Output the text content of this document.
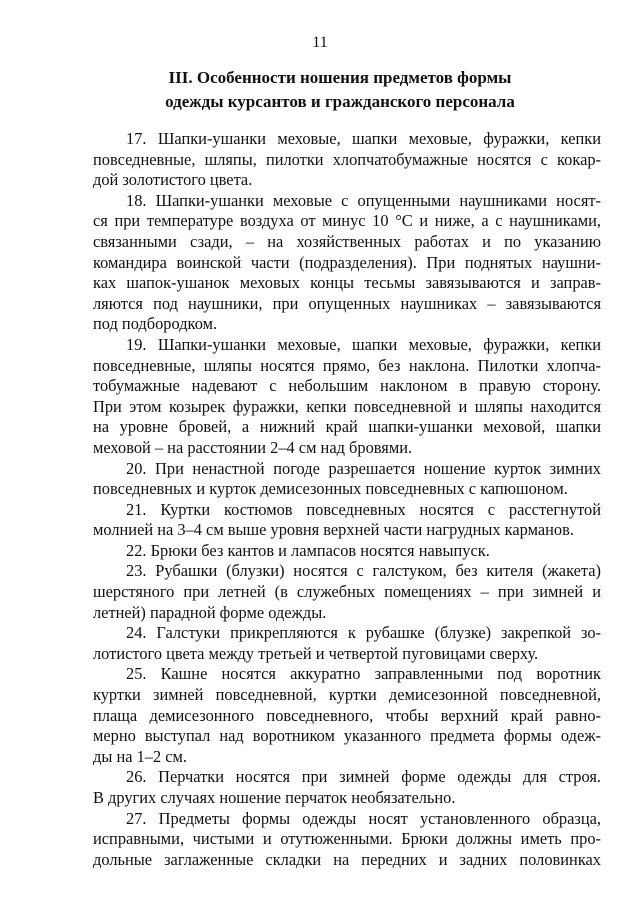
11
III. Особенности ношения предметов формы
одежды курсантов и гражданского персонала
17. Шапки-ушанки меховые, шапки меховые, фуражки, кепки
повседневные, шляпы, пилотки хлопчатобумажные носятся с кокар-
дой золотистого цвета.
18. Шапки-ушанки меховые с опущенными наушниками носят-
ся при температуре воздуха от минус 10 °С и ниже, а с наушниками,
связанными сзади, – на хозяйственных работах и по указанию
командира воинской части (подразделения). При поднятых наушни-
ках шапок-ушанок меховых концы тесьмы завязываются и заправ-
ляются под наушники, при опущенных наушниках – завязываются
под подбородком.
19. Шапки-ушанки меховые, шапки меховые, фуражки, кепки
повседневные, шляпы носятся прямо, без наклона. Пилотки хлопча-
тобумажные надевают с небольшим наклоном в правую сторону.
При этом козырек фуражки, кепки повседневной и шляпы находится
на уровне бровей, а нижний край шапки-ушанки меховой, шапки
меховой – на расстоянии 2–4 см над бровями.
20. При ненастной погоде разрешается ношение курток зимних
повседневных и курток демисезонных повседневных с капюшоном.
21. Куртки костюмов повседневных носятся с расстегнутой
молнией на 3–4 см выше уровня верхней части нагрудных карманов.
22. Брюки без кантов и лампасов носятся навыпуск.
23. Рубашки (блузки) носятся с галстуком, без кителя (жакета)
шерстяного при летней (в служебных помещениях – при зимней и
летней) парадной форме одежды.
24. Галстуки прикрепляются к рубашке (блузке) закрепкой зо-
лотистого цвета между третьей и четвертой пуговицами сверху.
25. Кашне носятся аккуратно заправленными под воротник
куртки зимней повседневной, куртки демисезонной повседневной,
плаща демисезонного повседневного, чтобы верхний край равно-
мерно выступал над воротником указанного предмета формы одеж-
ды на 1–2 см.
26. Перчатки носятся при зимней форме одежды для строя.
В других случаях ношение перчаток необязательно.
27. Предметы формы одежды носят установленного образца,
исправными, чистыми и отутюженными. Брюки должны иметь про-
дольные заглаженные складки на передних и задних половинках
